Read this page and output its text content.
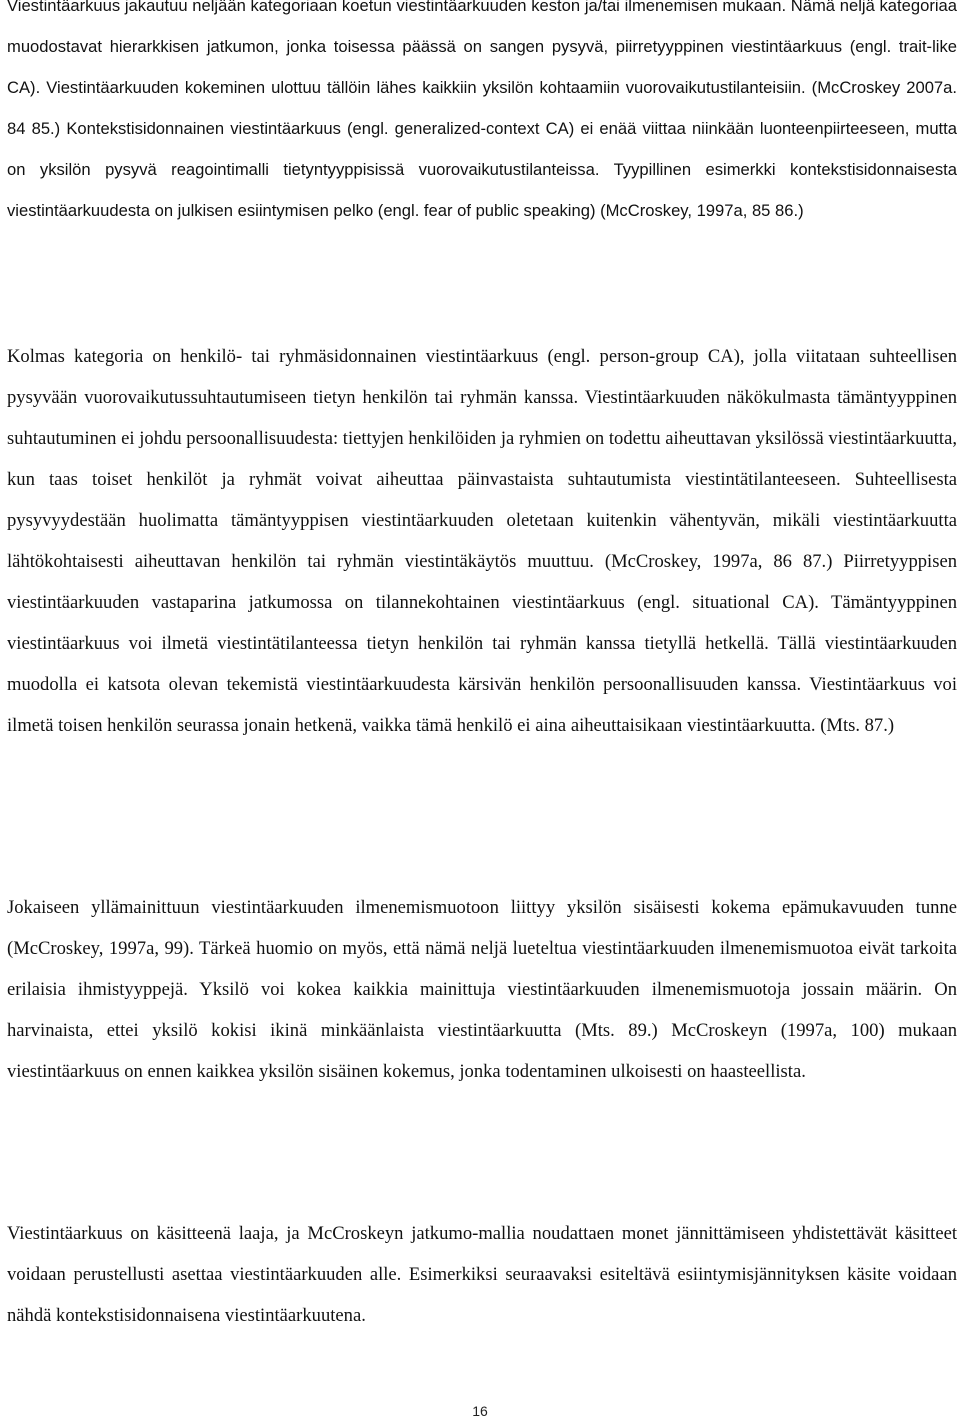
Viestintäarkuus jakautuu neljään kategoriaan koetun viestintäarkuuden keston ja/tai ilmenemisen mukaan. Nämä neljä kategoriaa muodostavat hierarkkisen jatkumon, jonka toisessa päässä on sangen pysyvä, piirretyyppinen viestintäarkuus (engl. trait-like CA). Viestintäarkuuden kokeminen ulottuu tällöin lähes kaikkiin yksilön kohtaamiin vuorovaikutustilanteisiin. (McCroskey 2007a. 84 85.) Kontekstisidonnainen viestintäarkuus (engl. generalized-context CA) ei enää viittaa niinkään luonteenpiirteeseen, mutta on yksilön pysyvä reagointimalli tietyntyyppisissä vuorovaikutustilanteissa. Tyypillinen esimerkki kontekstisidonnaisesta viestintäarkuudesta on julkisen esiintymisen pelko (engl. fear of public speaking) (McCroskey, 1997a, 85 86.)

Kolmas kategoria on henkilö- tai ryhmäsidonnainen viestintäarkuus (engl. person-group CA), jolla viitataan suhteellisen pysyvään vuorovaikutussuhtautumiseen tietyn henkilön tai ryhmän kanssa. Viestintäarkuuden näkökulmasta tämäntyyppinen suhtautuminen ei johdu persoonallisuudesta: tiettyjen henkilöiden ja ryhmien on todettu aiheuttavan yksilössä viestintäarkuutta, kun taas toiset henkilöt ja ryhmät voivat aiheuttaa päinvastaista suhtautumista viestintätilanteeseen. Suhteellisesta pysyvyydestään huolimatta tämäntyyppisen viestintäarkuuden oletetaan kuitenkin vähentyvän, mikäli viestintäarkuutta lähtökohtaisesti aiheuttavan henkilön tai ryhmän viestintäkäytös muuttuu. (McCroskey, 1997a, 86 87.) Piirretyyppisen viestintäarkuuden vastaparina jatkumossa on tilannekohtainen viestintäarkuus (engl. situational CA). Tämäntyyppinen viestintäarkuus voi ilmetä viestintätilanteessa tietyn henkilön tai ryhmän kanssa tietyllä hetkellä. Tällä viestintäarkuuden muodolla ei katsota olevan tekemistä viestintäarkuudesta kärsivän henkilön persoonallisuuden kanssa. Viestintäarkuus voi ilmetä toisen henkilön seurassa jonain hetkenä, vaikka tämä henkilö ei aina aiheuttaisikaan viestintäarkuutta. (Mts. 87.)

Jokaiseen yllämainittuun viestintäarkuuden ilmenemismuotoon liittyy yksilön sisäisesti kokema epämukavuuden tunne (McCroskey, 1997a, 99). Tärkeä huomio on myös, että nämä neljä lueteltua viestintäarkuuden ilmenemismuotoa eivät tarkoita erilaisia ihmistyyppejä. Yksilö voi kokea kaikkia mainittuja viestintäarkuuden ilmenemismuotoja jossain määrin. On harvinaista, ettei yksilö kokisi ikinä minkäänlaista viestintäarkuutta (Mts. 89.) McCroskeyn (1997a, 100) mukaan viestintäarkuus on ennen kaikkea yksilön sisäinen kokemus, jonka todentaminen ulkoisesti on haasteellista.

Viestintäarkuus on käsitteenä laaja, ja McCroskeyn jatkumo-mallia noudattaen monet jännittämiseen yhdistettävät käsitteet voidaan perustellusti asettaa viestintäarkuuden alle. Esimerkiksi seuraavaksi esiteltävä esiintymisjännityksen käsite voidaan nähdä kontekstisidonnaisena viestintäarkuutena.

16
